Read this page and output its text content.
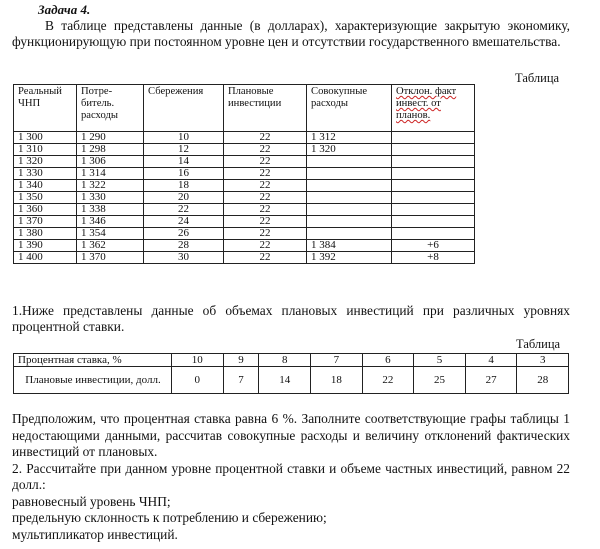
Задача 4.
В таблице представлены данные (в долларах), характеризующие закрытую экономику, функционирующую при постоянном уровне цен и отсутствии государственного вмешательства.
Таблица
Реальный ЧНП	Потре-битель. расходы	Сбережения	Плановые инвестиции	Совокупные расходы	Отклон. факт инвест. от планов.
1 300	1 290	10	22	1 312	
1 310	1 298	12	22	1 320	
1 320	1 306	14	22		
1 330	1 314	16	22		
1 340	1 322	18	22		
1 350	1 330	20	22		
1 360	1 338	22	22		
1 370	1 346	24	22		
1 380	1 354	26	22		
1 390	1 362	28	22	1 384	+6
1 400	1 370	30	22	1 392	+8
1.Ниже представлены данные об объемах плановых инвестиций при различных уровнях процентной ставки.
Таблица
Процентная ставка, %	10	9	8	7	6	5	4	3
Плановые инвестиции, долл.	0	7	14	18	22	25	27	28
Предположим, что процентная ставка равна 6 %. Заполните соответствующие графы таблицы 1 недостающими данными, рассчитав совокупные расходы и величину отклонений фактических инвестиций от плановых.
2. Рассчитайте при данном уровне процентной ставки и объеме частных инвестиций, равном 22 долл.:
равновесный уровень ЧНП;
предельную склонность к потреблению и сбережению;
мультипликатор инвестиций.
